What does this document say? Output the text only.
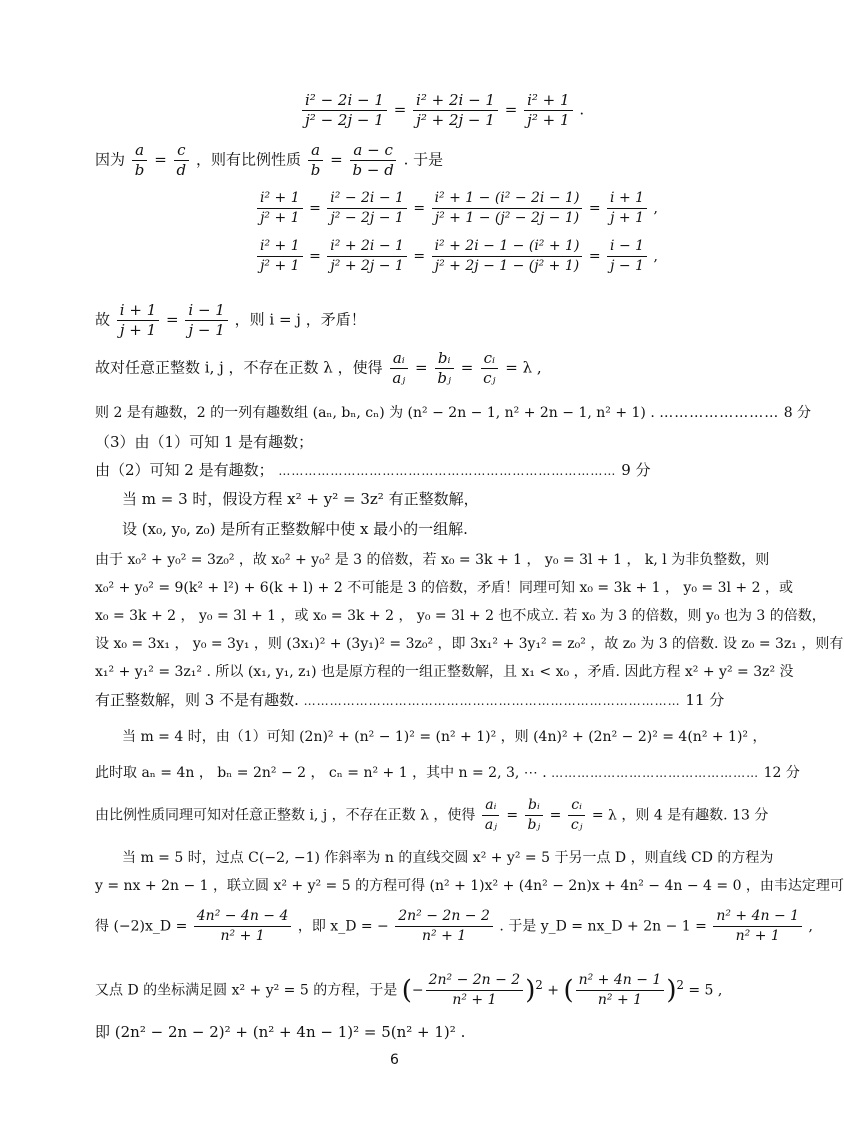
$\frac{\text{i² − 2i − 1}}{\text{j² − 2j − 1}} = \frac{\text{i² + 2i − 1}}{\text{j² + 2j − 1}} = \frac{\text{i² + 1}}{\text{j² + 1}}$ .
因为 $\frac{a}{b} = \frac{c}{d}$ ，则有比例性质 $\frac{a}{b} = \frac{a - c}{b - d}$ . 于是
$\frac{\text{i² + 1}}{\text{j² + 1}} = \frac{\text{i² − 2i − 1}}{\text{j² − 2j − 1}} = \frac{\text{i² + 1 − (i² − 2i − 1)}}{\text{j² + 1 − (j² − 2j − 1)}} = \frac{i + 1}{j + 1}$ ,
$\frac{\text{i² + 1}}{\text{j² + 1}} = \frac{\text{i² + 2i − 1}}{\text{j² + 2j − 1}} = \frac{\text{i² + 2i − 1 − (i² + 1)}}{\text{j² + 2j − 1 − (j² + 1)}} = \frac{i - 1}{j - 1}$ ,
故 $\frac{i + 1}{j + 1} = \frac{i - 1}{j - 1}$ ，则 i = j ，矛盾！
故对任意正整数 i, j ，不存在正数 λ ，使得 $\frac{\text{aᵢ}}{\text{aⱼ}} = \frac{\text{bᵢ}}{\text{bⱼ}} = \frac{\text{cᵢ}}{\text{cⱼ}} = \lambda$ ,
则 2 是有趣数，2 的一列有趣数组 (aₙ, bₙ, cₙ) 为 (n² − 2n − 1, n² + 2n − 1, n² + 1) . …………………… 8 分
（3）由（1）可知 1 是有趣数；
由（2）可知 2 是有趣数； …………………………………………………………………… 9 分
当 m = 3 时，假设方程 x² + y² = 3z² 有正整数解，
设 (x₀, y₀, z₀) 是所有正整数解中使 x 最小的一组解.
由于 x₀² + y₀² = 3z₀² ，故 x₀² + y₀² 是 3 的倍数，若 x₀ = 3k + 1 ， y₀ = 3l + 1 ， k, l 为非负整数，则
x₀² + y₀² = 9(k² + l²) + 6(k + l) + 2 不可能是 3 的倍数，矛盾！同理可知 x₀ = 3k + 1 ， y₀ = 3l + 2 ，或
x₀ = 3k + 2 ， y₀ = 3l + 1 ，或 x₀ = 3k + 2 ， y₀ = 3l + 2 也不成立. 若 x₀ 为 3 的倍数，则 y₀ 也为 3 的倍数，
设 x₀ = 3x₁ ， y₀ = 3y₁ ，则 (3x₁)² + (3y₁)² = 3z₀² ，即 3x₁² + 3y₁² = z₀² ，故 z₀ 为 3 的倍数. 设 z₀ = 3z₁ ，则有
x₁² + y₁² = 3z₁² . 所以 (x₁, y₁, z₁) 也是原方程的一组正整数解，且 x₁ < x₀ ，矛盾. 因此方程 x² + y² = 3z² 没
有正整数解，则 3 不是有趣数. …………………………………………………………………………… 11 分
当 m = 4 时，由（1）可知 (2n)² + (n² − 1)² = (n² + 1)² ，则 (4n)² + (2n² − 2)² = 4(n² + 1)² ，
此时取 aₙ = 4n ， bₙ = 2n² − 2 ， cₙ = n² + 1 ，其中 n = 2, 3, ⋯ . ………………………………………… 12 分
由比例性质同理可知对任意正整数 i, j ，不存在正数 λ ，使得 $\frac{\text{aᵢ}}{\text{aⱼ}} = \frac{\text{bᵢ}}{\text{bⱼ}} = \frac{\text{cᵢ}}{\text{cⱼ}} = \lambda$ ，则 4 是有趣数. 13 分
当 m = 5 时，过点 C(−2, −1) 作斜率为 n 的直线交圆 x² + y² = 5 于另一点 D ，则直线 CD 的方程为
y = nx + 2n − 1 ，联立圆 x² + y² = 5 的方程可得 (n² + 1)x² + (4n² − 2n)x + 4n² − 4n − 4 = 0 ，由韦达定理可
得 (−2)x_D = $\frac{\text{4n² − 4n − 4}}{\text{n² + 1}}$ ，即 x_D = − $\frac{\text{2n² − 2n − 2}}{\text{n² + 1}}$ . 于是 y_D = nx_D + $2n - 1 = \frac{\text{n² + 4n − 1}}{\text{n² + 1}}$ ,
又点 D 的坐标满足圆 x² + y² = 5 的方程，于是 (− $\frac{\text{2n² − 2n − 2}}{\text{n² + 1}} )^2$ + ( $\frac{\text{n² + 4n − 1}}{\text{n² + 1}} )^2 = 5$ ,
即 (2n² − 2n − 2)² + (n² + 4n − 1)² = 5(n² + 1)² .
6
